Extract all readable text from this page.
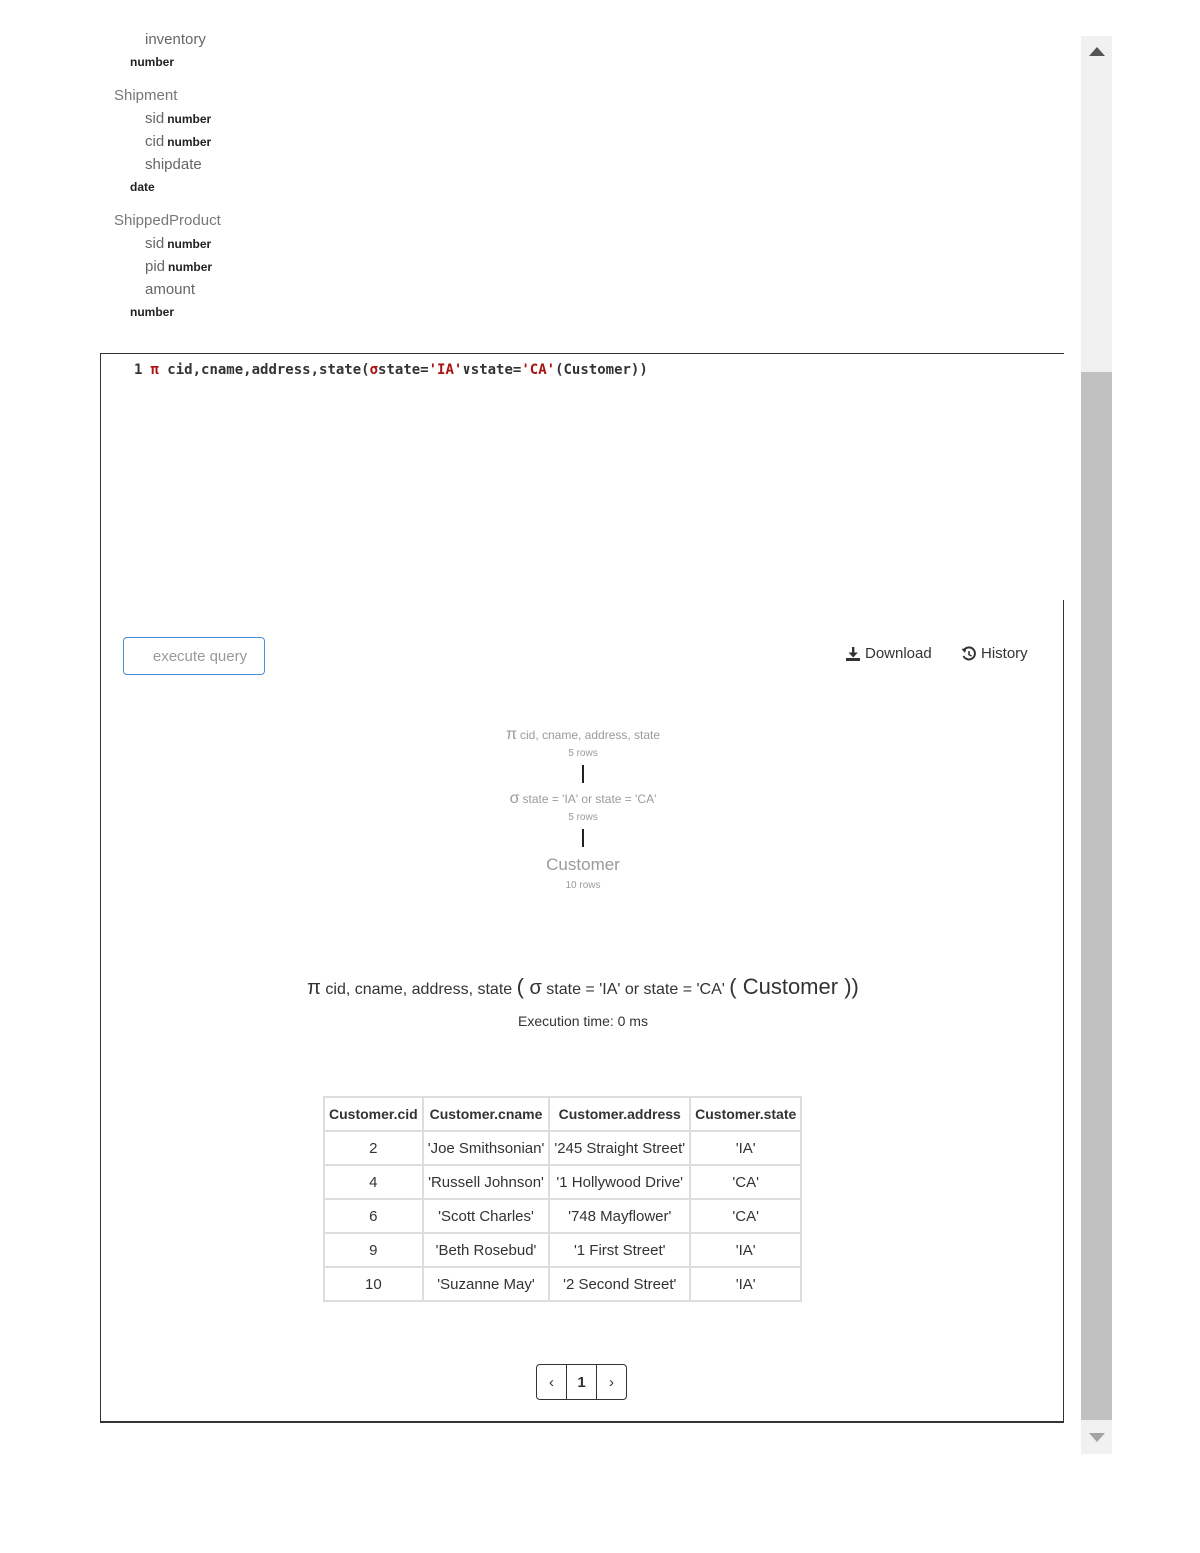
inventory
number
Shipment
sid number
cid number
shipdate
date
ShippedProduct
sid number
pid number
amount
number
1 π cid,cname,address,state(σstate='IA'∨state='CA'(Customer))
execute query	Download	History
π cid, cname, address, state
5 rows
σ state = 'IA' or state = 'CA'
5 rows
Customer
10 rows
π cid, cname, address, state ( σ state = 'IA' or state = 'CA' ( Customer ))
Execution time: 0 ms
Customer.cid	Customer.cname	Customer.address	Customer.state
2	'Joe Smithsonian'	'245 Straight Street'	'IA'
4	'Russell Johnson'	'1 Hollywood Drive'	'CA'
6	'Scott Charles'	'748 Mayflower'	'CA'
9	'Beth Rosebud'	'1 First Street'	'IA'
10	'Suzanne May'	'2 Second Street'	'IA'
‹	1	›
